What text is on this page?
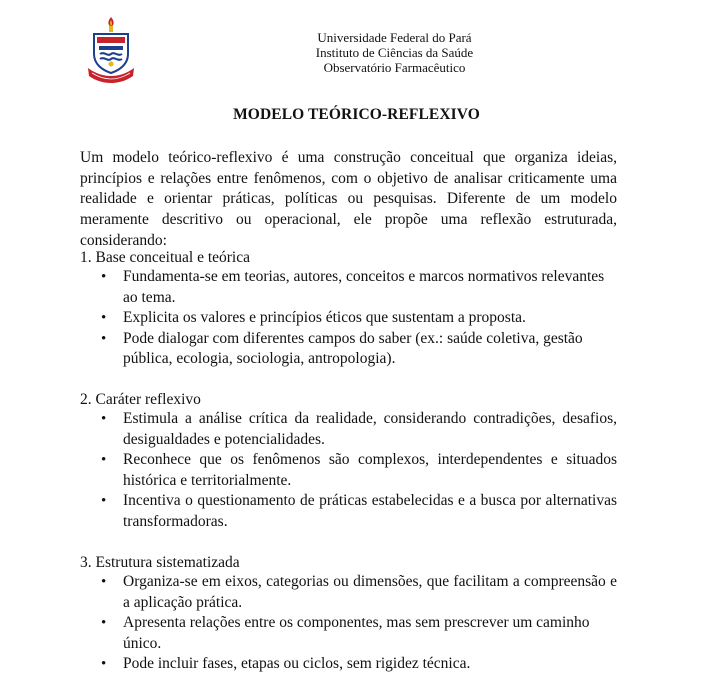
Universidade Federal do Pará
Instituto de Ciências da Saúde
Observatório Farmacêutico
MODELO TEÓRICO-REFLEXIVO

Um modelo teórico-reflexivo é uma construção conceitual que organiza ideias, princípios e relações entre fenômenos, com o objetivo de analisar criticamente uma realidade e orientar práticas, políticas ou pesquisas. Diferente de um modelo meramente descritivo ou operacional, ele propõe uma reflexão estruturada, considerando:

1. Base conceitual e teórica
• Fundamenta-se em teorias, autores, conceitos e marcos normativos relevantes ao tema.
• Explicita os valores e princípios éticos que sustentam a proposta.
• Pode dialogar com diferentes campos do saber (ex.: saúde coletiva, gestão pública, ecologia, sociologia, antropologia).
2. Caráter reflexivo
• Estimula a análise crítica da realidade, considerando contradições, desafios, desigualdades e potencialidades.
• Reconhece que os fenômenos são complexos, interdependentes e situados histórica e territorialmente.
• Incentiva o questionamento de práticas estabelecidas e a busca por alternativas transformadoras.
3. Estrutura sistematizada
• Organiza-se em eixos, categorias ou dimensões, que facilitam a compreensão e a aplicação prática.
• Apresenta relações entre os componentes, mas sem prescrever um caminho único.
• Pode incluir fases, etapas ou ciclos, sem rigidez técnica.
